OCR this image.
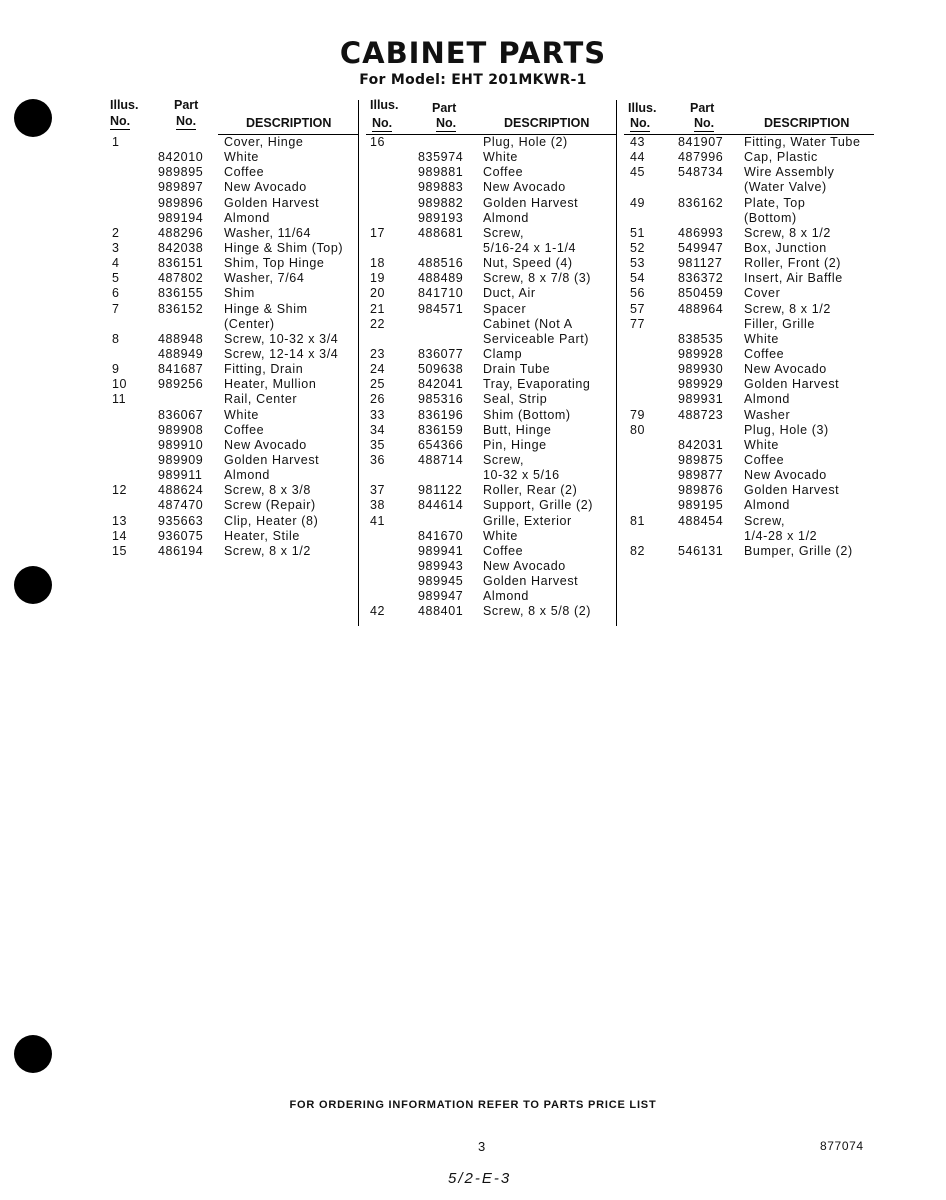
CABINET PARTS
For Model: EHT 201MKWR-1
Illus.
No.
Part
No.	DESCRIPTION
1	Cover, Hinge
842010 White
989895 Coffee
989897 New Avocado
989896 Golden Harvest
989194 Almond
2	488296 Washer, 11/64
3	842038 Hinge & Shim (Top)
4	836151 Shim, Top Hinge
5	487802 Washer, 7/64
6	836155 Shim
7	836152 Hinge & Shim
(Center)
8	488948 Screw, 10-32 x 3/4
488949 Screw, 12-14 x 3/4
9	841687 Fitting, Drain
10 989256 Heater, Mullion
11	Rail, Center
836067 White
989908 Coffee
989910 New Avocado
989909 Golden Harvest
989911 Almond
12 488624 Screw, 8 x 3/8
487470 Screw (Repair)
13 935663 Clip, Heater (8)
14 936075 Heater, Stile
15 486194 Screw, 8 x 1/2
Illus.
No.
Part
No.	DESCRIPTION
16	Plug, Hole (2)
835974 White
989881 Coffee
989883 New Avocado
989882 Golden Harvest
989193 Almond
17	488681 Screw,
5/16-24 x 1-1/4
18	488516 Nut, Speed (4)
19	488489 Screw, 8 x 7/8 (3)
20	841710 Duct, Air
21	984571 Spacer
22	Cabinet (Not A
Serviceable Part)
23	836077 Clamp
24	509638 Drain Tube
25	842041 Tray, Evaporating
26	985316 Seal, Strip
33	836196 Shim (Bottom)
34	836159 Butt, Hinge
35	654366 Pin, Hinge
36	488714 Screw,
10-32 x 5/16
37	981122 Roller, Rear (2)
38	844614 Support, Grille (2)
41	Grille, Exterior
841670 White
989941 Coffee
989943 New Avocado
989945 Golden Harvest
989947 Almond
42	488401 Screw, 8 x 5/8 (2)
Illus.
No.
Part
No.	DESCRIPTION
43	841907 Fitting, Water Tube
44	487996 Cap, Plastic
45	548734 Wire Assembly
(Water Valve)
49	836162 Plate, Top
(Bottom)
51	486993 Screw, 8 x 1/2
52	549947 Box, Junction
53	981127 Roller, Front (2)
54	836372 Insert, Air Baffle
56	850459 Cover
57	488964 Screw, 8 x 1/2
77	Filler, Grille
838535 White
989928 Coffee
989930 New Avocado
989929 Golden Harvest
989931 Almond
79	488723 Washer
80	Plug, Hole (3)
842031 White
989875 Coffee
989877 New Avocado
989876 Golden Harvest
989195 Almond
81	488454 Screw,
1/4-28 x 1/2
82	546131 Bumper, Grille (2)
FOR ORDERING INFORMATION REFER TO PARTS PRICE LIST
3	877074
5/2-E-3
